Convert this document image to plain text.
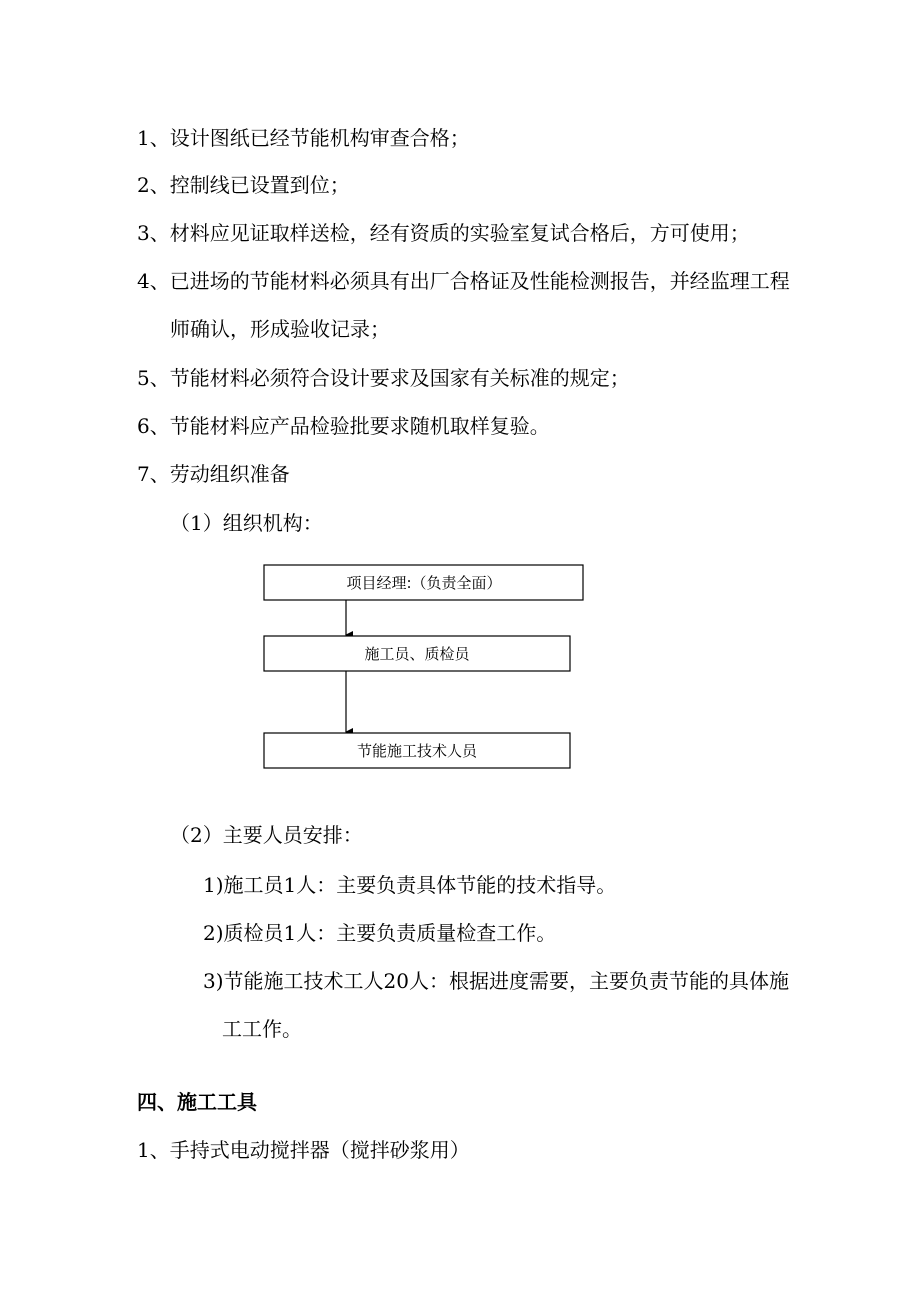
1、设计图纸已经节能机构审查合格；

2、控制线已设置到位；

3、材料应见证取样送检，经有资质的实验室复试合格后，方可使用；

4、已进场的节能材料必须具有出厂合格证及性能检测报告，并经监理工程

师确认，形成验收记录；

5、节能材料必须符合设计要求及国家有关标准的规定；

6、节能材料应产品检验批要求随机取样复验。

7、劳动组织准备

（1）组织机构：

项目经理:（负责全面）
施工员、质检员
节能施工技术人员

（2）主要人员安排：

1)施工员1人：主要负责具体节能的技术指导。

2)质检员1人：主要负责质量检查工作。

3)节能施工技术工人20人：根据进度需要，主要负责节能的具体施

工工作。

四、施工工具

1、手持式电动搅拌器（搅拌砂浆用）
